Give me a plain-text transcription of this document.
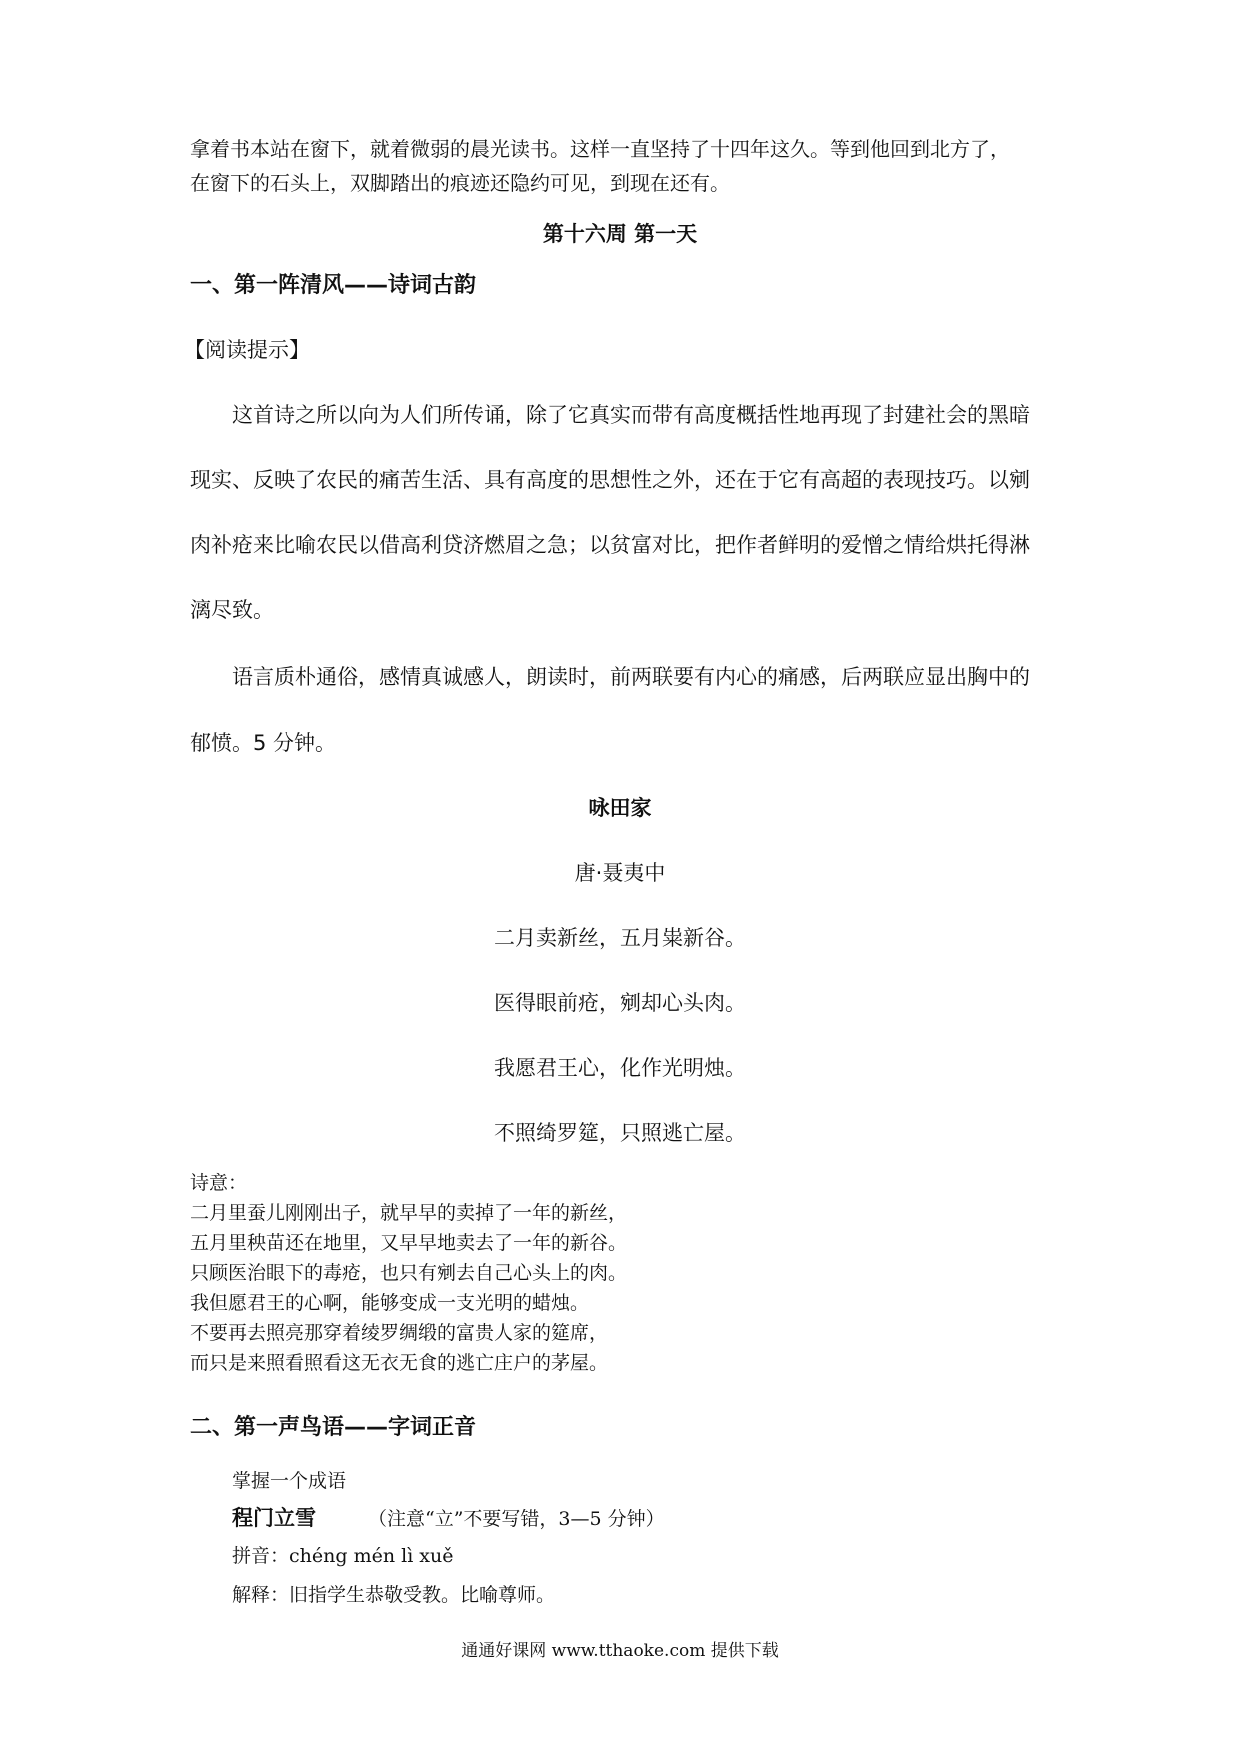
拿着书本站在窗下，就着微弱的晨光读书。这样一直坚持了十四年这久。等到他回到北方了，

在窗下的石头上，双脚踏出的痕迹还隐约可见，到现在还有。

第十六周 第一天

一、第一阵清风——诗词古韵

【阅读提示】

这首诗之所以向为人们所传诵，除了它真实而带有高度概括性地再现了封建社会的黑暗

现实、反映了农民的痛苦生活、具有高度的思想性之外，还在于它有高超的表现技巧。以剜

肉补疮来比喻农民以借高利贷济燃眉之急；以贫富对比，把作者鲜明的爱憎之情给烘托得淋

漓尽致。

语言质朴通俗，感情真诚感人，朗读时，前两联要有内心的痛感，后两联应显出胸中的

郁愤。5 分钟。

咏田家

唐·聂夷中

二月卖新丝，五月粜新谷。

医得眼前疮，剜却心头肉。

我愿君王心，化作光明烛。

不照绮罗筵，只照逃亡屋。

诗意：

二月里蚕儿刚刚出子，就早早的卖掉了一年的新丝，

五月里秧苗还在地里，又早早地卖去了一年的新谷。

只顾医治眼下的毒疮，也只有剜去自己心头上的肉。

我但愿君王的心啊，能够变成一支光明的蜡烛。

不要再去照亮那穿着绫罗绸缎的富贵人家的筵席，

而只是来照看照看这无衣无食的逃亡庄户的茅屋。

二、第一声鸟语——字词正音

掌握一个成语

程门立雪	（注意“立”不要写错，3—5 分钟）

拼音：chéng mén lì xuě

解释：旧指学生恭敬受教。比喻尊师。

通通好课网 www.tthaoke.com 提供下载
